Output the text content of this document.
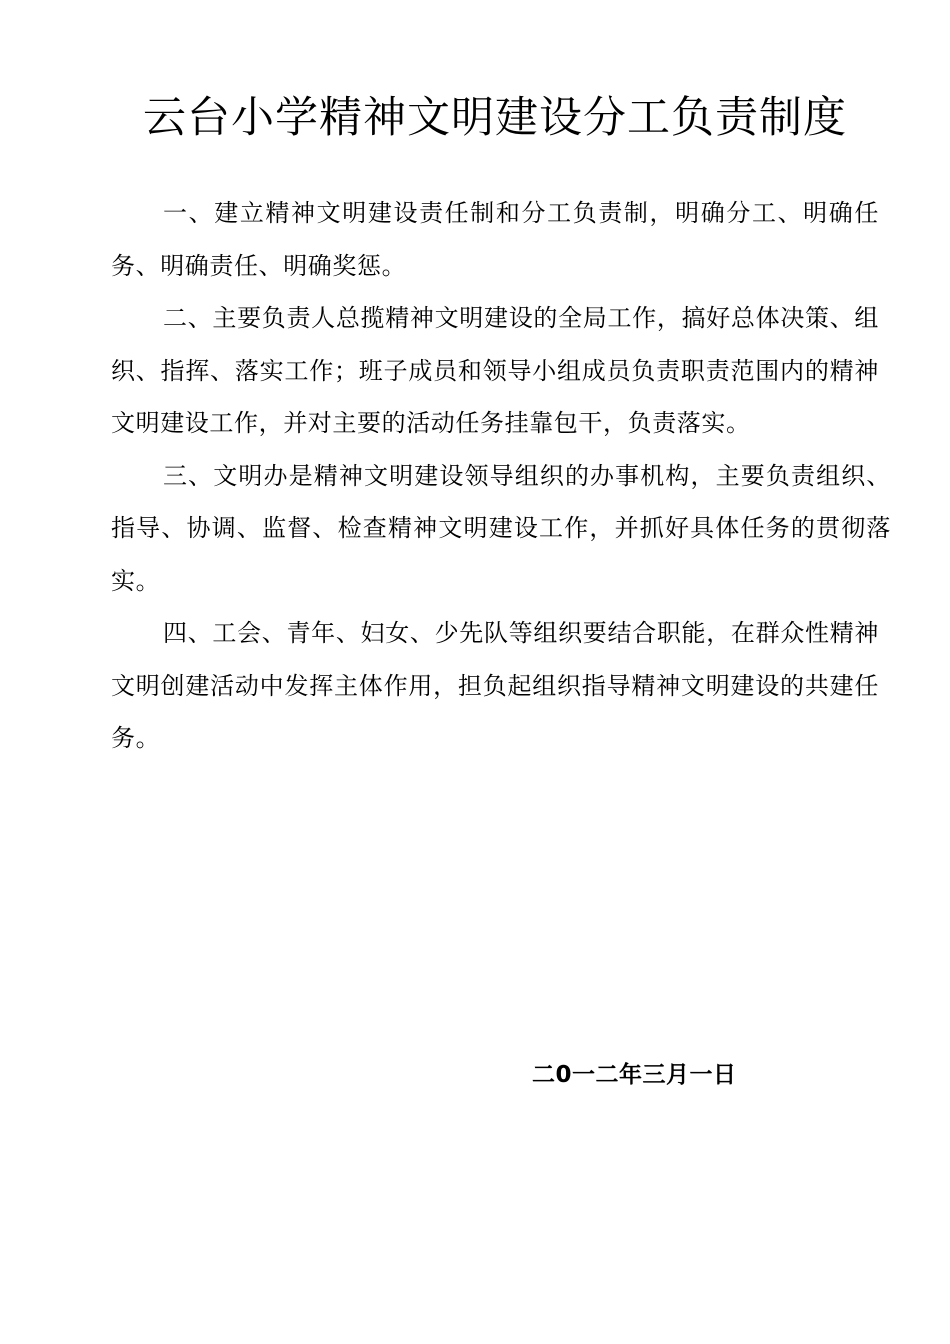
云台小学精神文明建设分工负责制度

一、建立精神文明建设责任制和分工负责制，明确分工、明确任务、明确责任、明确奖惩。

二、主要负责人总揽精神文明建设的全局工作，搞好总体决策、组织、指挥、落实工作；班子成员和领导小组成员负责职责范围内的精神文明建设工作，并对主要的活动任务挂靠包干，负责落实。

三、文明办是精神文明建设领导组织的办事机构，主要负责组织、指导、协调、监督、检查精神文明建设工作，并抓好具体任务的贯彻落实。

四、工会、青年、妇女、少先队等组织要结合职能，在群众性精神文明创建活动中发挥主体作用，担负起组织指导精神文明建设的共建任务。

二0一二年三月一日
